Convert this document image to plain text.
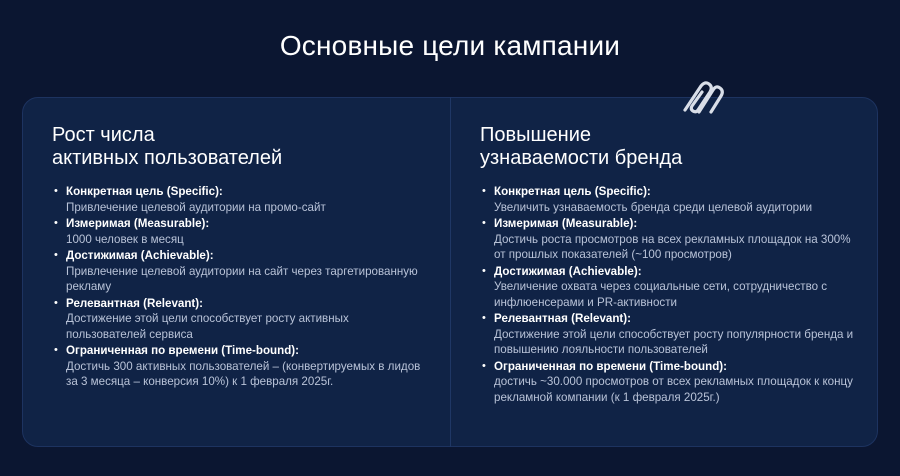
Основные цели кампании
Рост числа
активных пользователей
• Конкретная цель (Specific):
Привлечение целевой аудитории на промо-сайт
• Измеримая (Measurable):
1000 человек в месяц
• Достижимая (Achievable):
Привлечение целевой аудитории на сайт через таргетированную рекламу
• Релевантная (Relevant):
Достижение этой цели способствует росту активных пользователей сервиса
• Ограниченная по времени (Time-bound):
Достичь 300 активных пользователей – (конвертируемых в лидов за 3 месяца – конверсия 10%) к 1 февраля 2025г.
Повышение
узнаваемости бренда
• Конкретная цель (Specific):
Увеличить узнаваемость бренда среди целевой аудитории
• Измеримая (Measurable):
Достичь роста просмотров на всех рекламных площадок на 300% от прошлых показателей (~100 просмотров)
• Достижимая (Achievable):
Увеличение охвата через социальные сети, сотрудничество с инфлюенсерами и PR-активности
• Релевантная (Relevant):
Достижение этой цели способствует росту популярности бренда и повышению лояльности пользователей
• Ограниченная по времени (Time-bound):
достичь ~30.000 просмотров от всех рекламных площадок к концу рекламной компании (к 1 февраля 2025г.)
